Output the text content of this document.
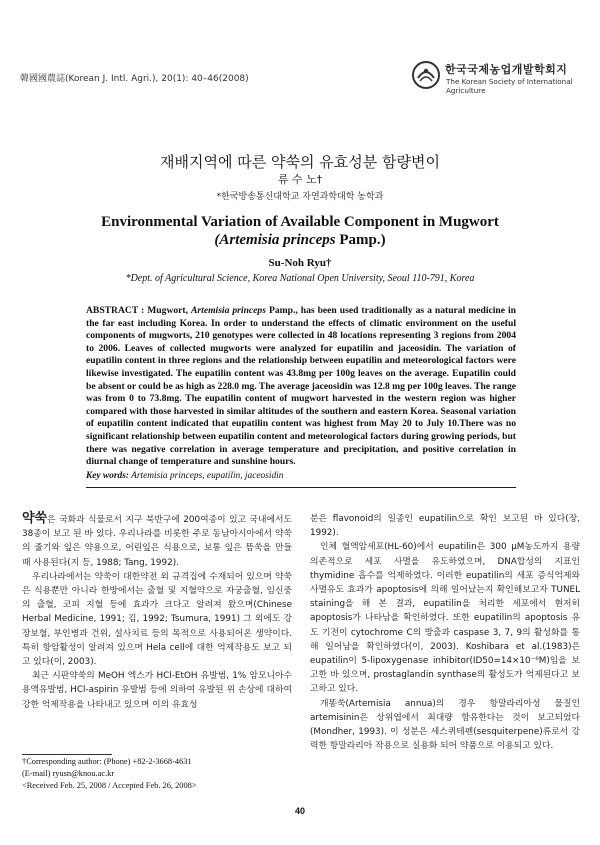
韓國國農誌(Korean J. Intl. Agri.), 20(1): 40–46(2008)
한국국제농업개발학회지
The Korean Society of International Agriculture
재배지역에 따른 약쑥의 유효성분 함량변이
류 수 노†
*한국방송통신대학교 자연과학대학 농학과
Environmental Variation of Available Component in Mugwort
(Artemisia princeps Pamp.)
Su-Noh Ryu†
*Dept. of Agricultural Science, Korea National Open University, Seoul 110-791, Korea
ABSTRACT : Mugwort, Artemisia princeps Pamp., has been used traditionally as a natural medicine in the far east including Korea. In order to understand the effects of climatic environment on the useful components of mugworts, 210 genotypes were collected in 48 locations representing 3 regions from 2004 to 2006. Leaves of collected mugworts were analyzed for eupatilin and jaceosidin. The variation of eupatilin content in three regions and the relationship between eupatilin and meteorological factors were likewise investigated. The eupatilin content was 43.8mg per 100g leaves on the average. Eupatilin could be absent or could be as high as 228.0 mg. The average jaceosidin was 12.8 mg per 100g leaves. The range was from 0 to 73.8mg. The eupatilin content of mugwort harvested in the western region was higher compared with those harvested in similar altitudes of the southern and eastern Korea. Seasonal variation of eupatilin content indicated that eupatilin content was highest from May 20 to July 10.There was no significant relationship between eupatilin content and meteorological factors during growing periods, but there was negative correlation in average temperature and precipitation, and positive correlation in diurnal change of temperature and sunshine hours.
Key words: Artemisia princeps, eupatilin, jaceosidin

약쑥은 국화과 식물로서 지구 북반구에 200여종이 있고 국내에서도 38종이 보고 된 바 있다. 우리나라를 비롯한 주로 동남아시아에서 약쑥의 줄기와 잎은 약용으로, 어린잎은 식용으로, 보통 잎은 뜸쑥을 만들 때 사용된다(지 등, 1988; Tang, 1992).

우리나라에서는 약쑥이 대한약전 외 규격집에 수재되어 있으며 약쑥은 식용뿐만 아니라 한방에서는 출혈 및 지혈약으로 자궁출혈, 임신중의 출혈, 코피 지혈 등에 효과가 크다고 알려져 왔으며(Chinese Herbal Medicine, 1991; 김, 1992; Tsumura, 1991) 그 외에도 강장보혈, 부인병과 건위, 설사치료 등의 목적으로 사용되어온 생약이다. 특히 항암활성이 알려져 있으며 Hela cell에 대한 억제작용도 보고 되고 있다(이, 2003).

최근 시판약쑥의 MeOH 엑스가 HCl-EtOH 유발범, 1% 암모니아수용액유발범, HCl-aspirin 유발범 등에 의하여 유발된 위 손상에 대하여 강한 억제작용을 나타내고 있으며 이의 유효성

분은 flavonoid의 일종인 eupatilin으로 확인 보고된 바 있다(장, 1992).

인체 혈액암세포(HL-60)에서 eupatilin은 300 μM농도까지 용량 의존적으로 세포 사멸을 유도하였으며, DNA합성의 지표인 thymidine 흡수를 억제하였다. 이러한 eupatilin의 세포 증식억제와 사멸유도 효과가 apoptosis에 의해 일어났는지 확인해보고자 TUNEL staining을 해 본 결과, eupatilin을 처리한 세포에서 현저히 apoptosis가 나타남을 확인하였다. 또한 eupatilin의 apoptosis 유도 기전이 cytochrome C의 방출과 caspase 3, 7, 9의 활성화를 통해 일어남을 확인하였다(이, 2003). Koshibara et al.(1983)은 eupatilin이 5-lipoxygenase inhibitor(ID50=14×10⁻⁶M)임을 보고한 바 있으며, prostaglandin synthase의 활성도가 억제된다고 보고하고 있다.

개똥쑥(Artemisia annua)의 경우 항말라리아성 물질인 artemisinin은 상위엽에서 최대량 함유한다는 것이 보고되었다(Mondher, 1993). 이 성분은 세스퀴테펜(sesquiterpene)류로서 강력한 항말라리아 작용으로 실용화 되어 약품으로 이용되고 있다.

†Corresponding author: (Phone) +82-2-3668-4631
(E-mail) ryusn@knou.ac.kr
<Received Feb. 25, 2008 / Accepted Feb. 26, 2008>
40
